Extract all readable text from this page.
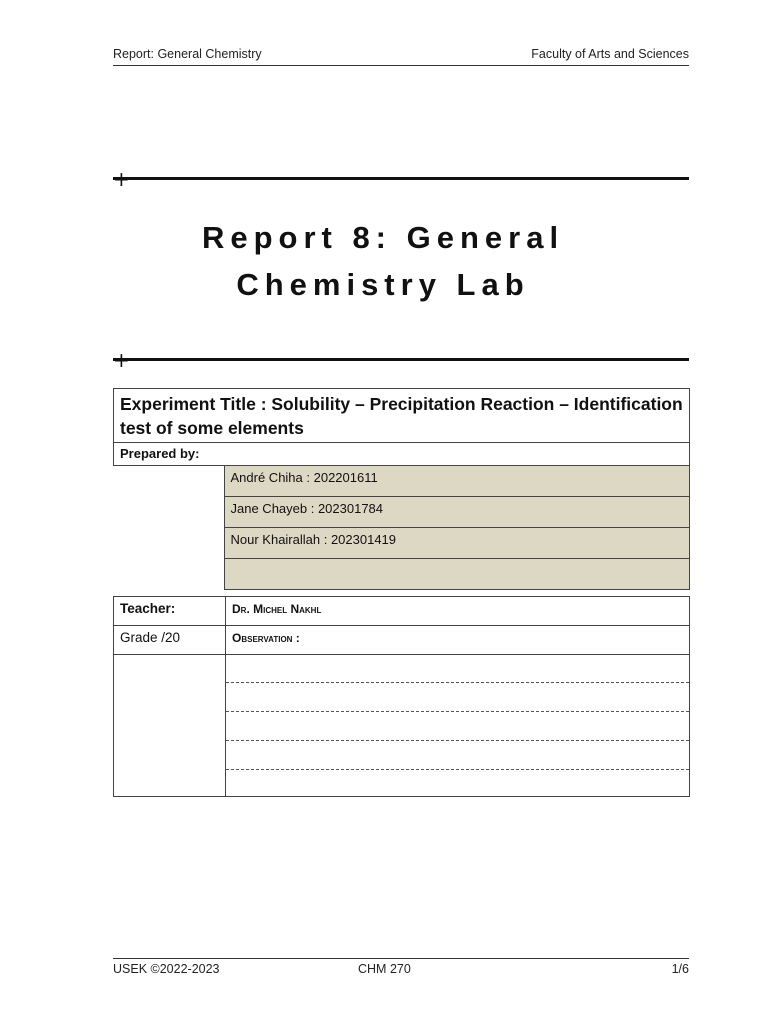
Report: General Chemistry	Faculty of Arts and Sciences
+
Report 8: General
Chemistry Lab
+
Experiment Title : Solubility – Precipitation Reaction – Identification test of some elements
Prepared by:
	André Chiha : 202201611
Jane Chayeb : 202301784
Nour Khairallah : 202301419

Teacher:	Dr. Michel Nakhl
Grade /20	Observation :

USEK ©2022-2023	CHM 270	1/6
